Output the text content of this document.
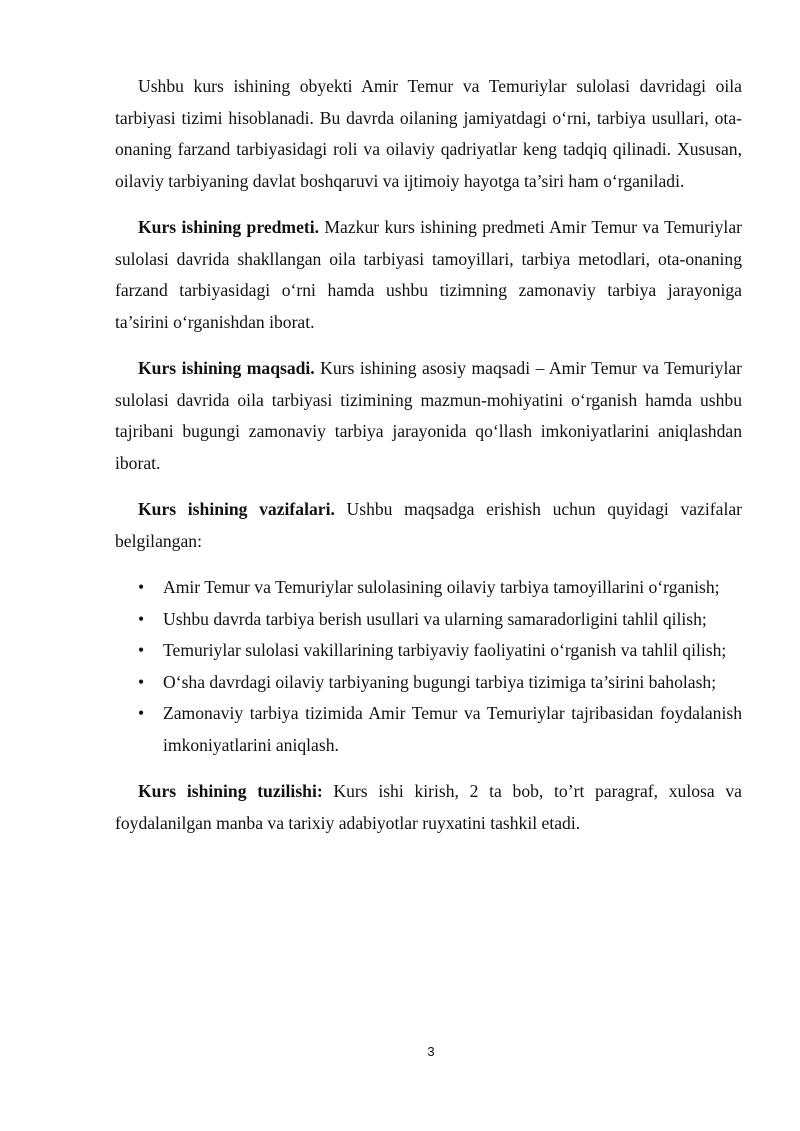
Ushbu kurs ishining obyekti Amir Temur va Temuriylar sulolasi davridagi oila tarbiyasi tizimi hisoblanadi. Bu davrda oilaning jamiyatdagi o‘rni, tarbiya usullari, ota-onaning farzand tarbiyasidagi roli va oilaviy qadriyatlar keng tadqiq qilinadi. Xususan, oilaviy tarbiyaning davlat boshqaruvi va ijtimoiy hayotga ta’siri ham o‘rganiladi.

Kurs ishining predmeti. Mazkur kurs ishining predmeti Amir Temur va Temuriylar sulolasi davrida shakllangan oila tarbiyasi tamoyillari, tarbiya metodlari, ota-onaning farzand tarbiyasidagi o‘rni hamda ushbu tizimning zamonaviy tarbiya jarayoniga ta’sirini o‘rganishdan iborat.

Kurs ishining maqsadi. Kurs ishining asosiy maqsadi – Amir Temur va Temuriylar sulolasi davrida oila tarbiyasi tizimining mazmun-mohiyatini o‘rganish hamda ushbu tajribani bugungi zamonaviy tarbiya jarayonida qo‘llash imkoniyatlarini aniqlashdan iborat.

Kurs ishining vazifalari. Ushbu maqsadga erishish uchun quyidagi vazifalar belgilangan:

• Amir Temur va Temuriylar sulolasining oilaviy tarbiya tamoyillarini o‘rganish;
• Ushbu davrda tarbiya berish usullari va ularning samaradorligini tahlil qilish;
• Temuriylar sulolasi vakillarining tarbiyaviy faoliyatini o‘rganish va tahlil qilish;
• O‘sha davrdagi oilaviy tarbiyaning bugungi tarbiya tizimiga ta’sirini baholash;
• Zamonaviy tarbiya tizimida Amir Temur va Temuriylar tajribasidan foydalanish imkoniyatlarini aniqlash.

Kurs ishining tuzilishi: Kurs ishi kirish, 2 ta bob, to’rt paragraf, xulosa va foydalanilgan manba va tarixiy adabiyotlar ruyxatini tashkil etadi.

3
